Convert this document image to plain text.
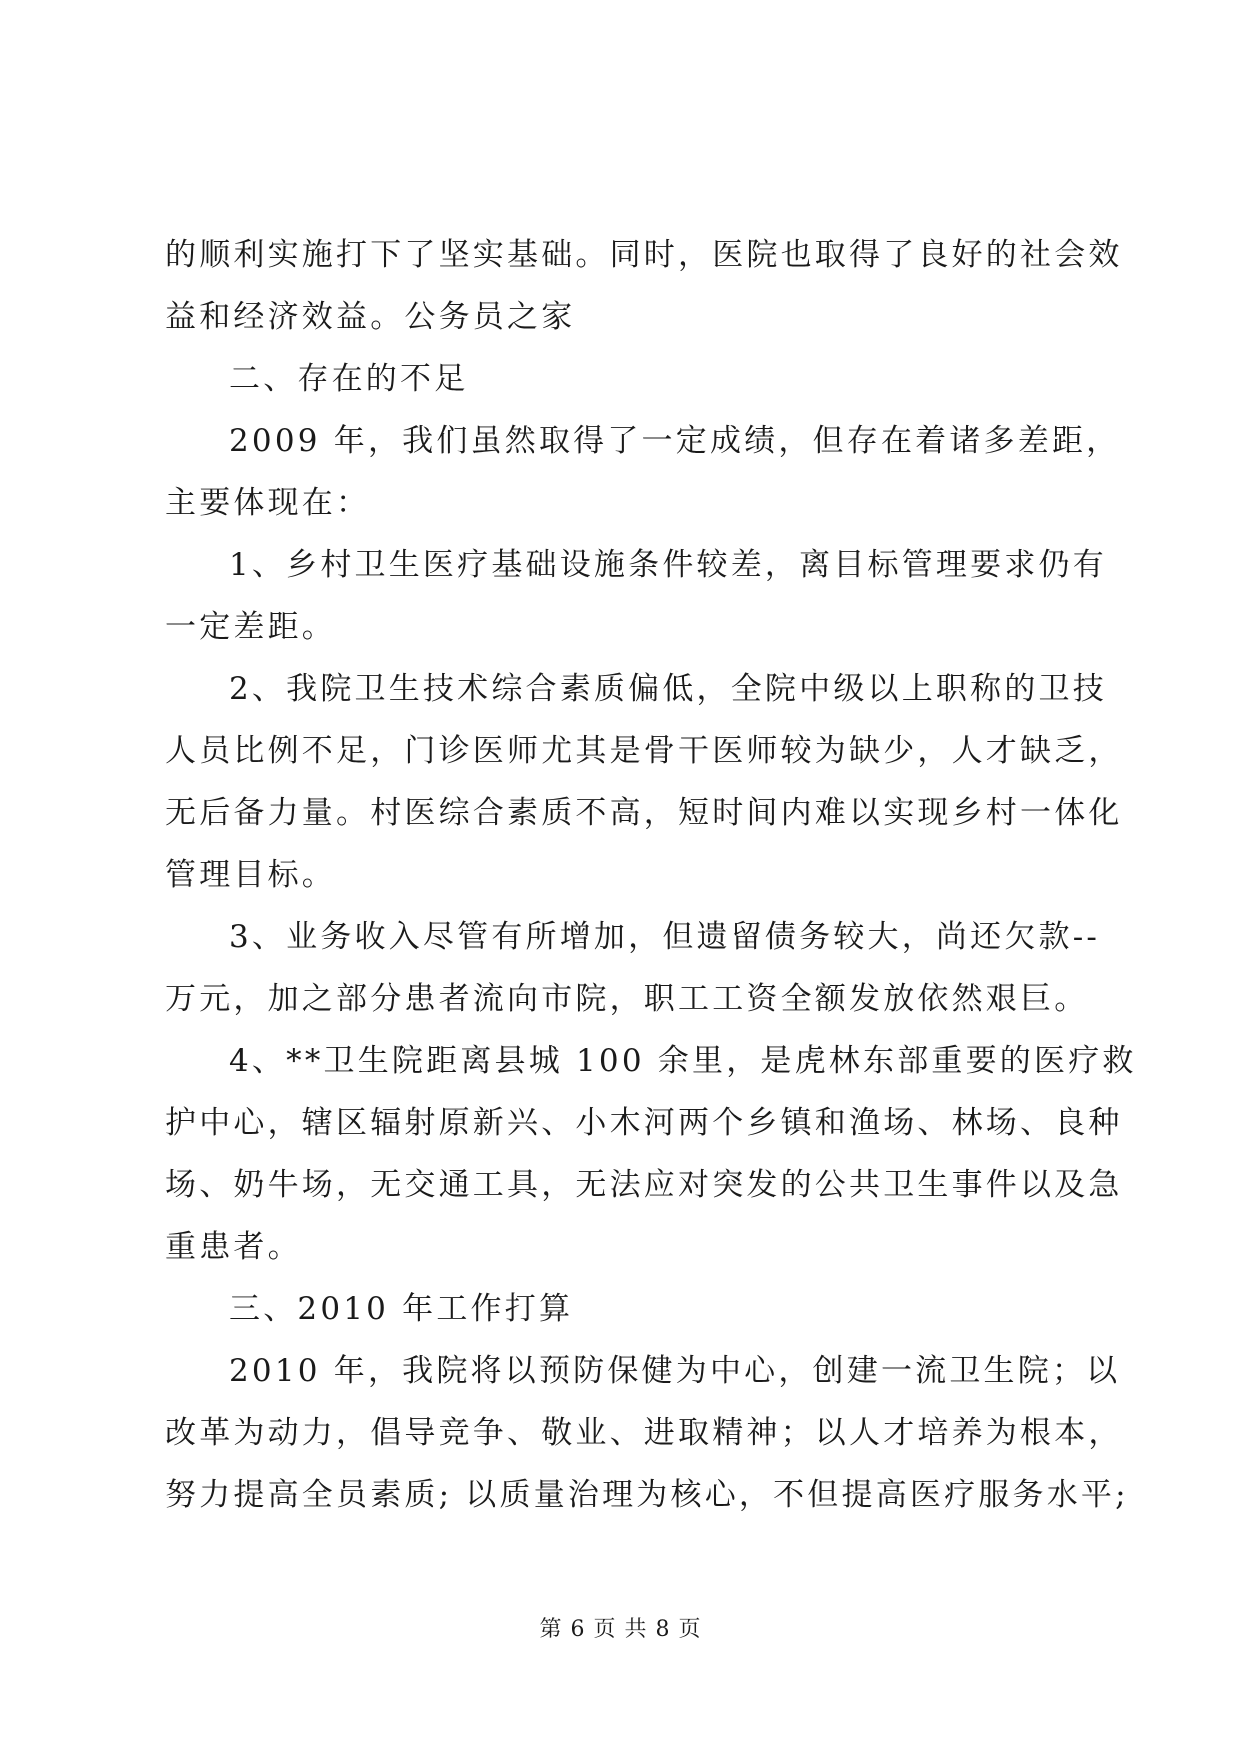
的顺利实施打下了坚实基础。同时，医院也取得了良好的社会效
益和经济效益。公务员之家
二、存在的不足
2009 年，我们虽然取得了一定成绩，但存在着诸多差距，
主要体现在：
1、乡村卫生医疗基础设施条件较差，离目标管理要求仍有
一定差距。
2、我院卫生技术综合素质偏低，全院中级以上职称的卫技
人员比例不足，门诊医师尤其是骨干医师较为缺少，人才缺乏，
无后备力量。村医综合素质不高，短时间内难以实现乡村一体化
管理目标。
3、业务收入尽管有所增加，但遗留债务较大，尚还欠款--
万元，加之部分患者流向市院，职工工资全额发放依然艰巨。
4、**卫生院距离县城 100 余里，是虎林东部重要的医疗救
护中心，辖区辐射原新兴、小木河两个乡镇和渔场、林场、良种
场、奶牛场，无交通工具，无法应对突发的公共卫生事件以及急
重患者。
三、2010 年工作打算
2010 年，我院将以预防保健为中心，创建一流卫生院；以
改革为动力，倡导竞争、敬业、进取精神；以人才培养为根本，
努力提高全员素质; 以质量治理为核心，不但提高医疗服务水平;
第 6 页 共 8 页
